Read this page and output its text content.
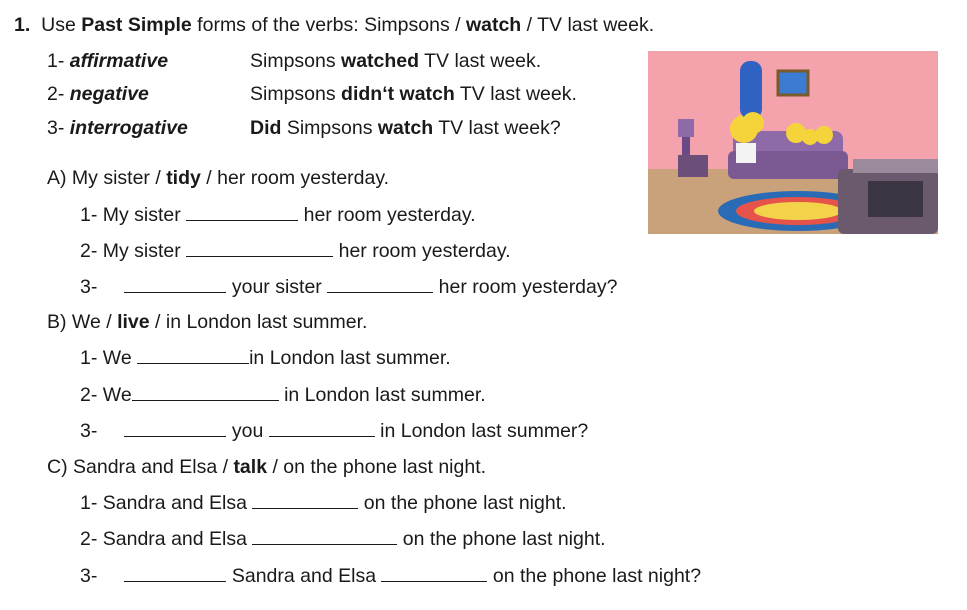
1. Use Past Simple forms of the verbs: Simpsons / watch / TV last week.
1- affirmative	Simpsons watched TV last week.
2- negative	Simpsons didn‘t watch TV last week.
3- interrogative	Did Simpsons watch TV last week?
A) My sister / tidy / her room yesterday.
1- My sister	her room yesterday.
2- My sister	her room yesterday.
3-	your sister	her room yesterday?
B) We / live / in London last summer.
1- We	in London last summer.
2- We	in London last summer.
3-	you	in London last summer?
C) Sandra and Elsa / talk / on the phone last night.
1- Sandra and Elsa	on the phone last night.
2- Sandra and Elsa	on the phone last night.
3-	Sandra and Elsa	on the phone last night?
